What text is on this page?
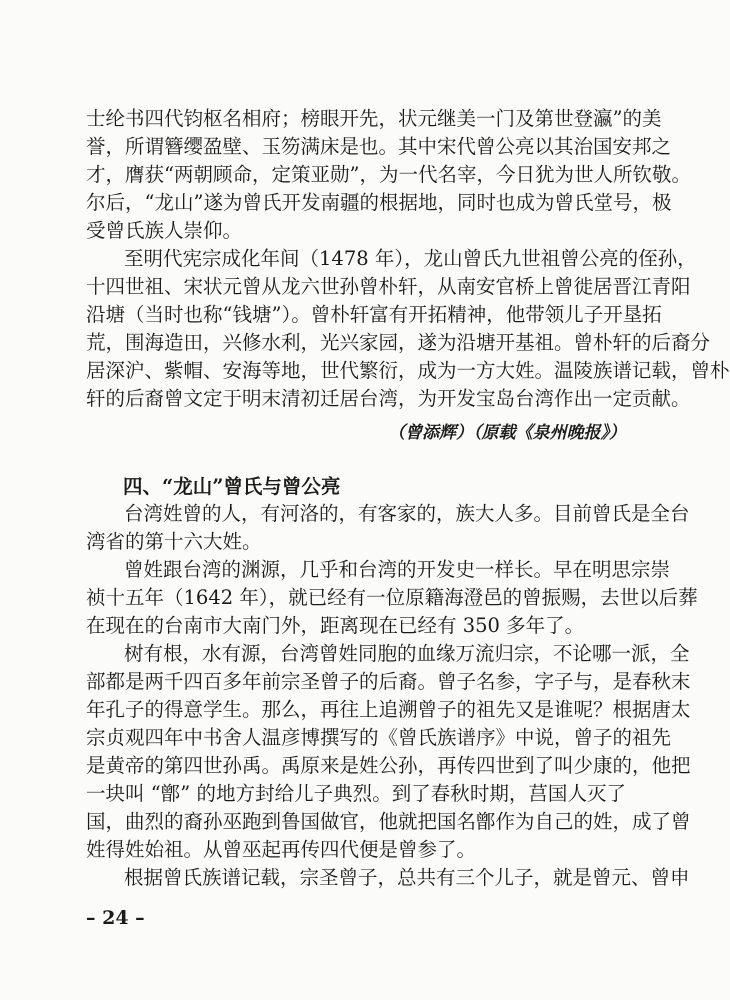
士纶书四代钧枢名相府；榜眼开先，状元继美一门及第世登瀛”的美
誉，所谓簪缨盈壁、玉笏满床是也。其中宋代曾公亮以其治国安邦之
才，膺获“两朝顾命，定策亚勋”，为一代名宰，今日犹为世人所钦敬。
尔后，“龙山”遂为曾氏开发南疆的根据地，同时也成为曾氏堂号，极
受曾氏族人崇仰。
至明代宪宗成化年间（1478 年），龙山曾氏九世祖曾公亮的侄孙，
十四世祖、宋状元曾从龙六世孙曾朴轩，从南安官桥上曾徙居晋江青阳
沿塘（当时也称“钱塘”）。曾朴轩富有开拓精神，他带领儿子开垦拓
荒，围海造田，兴修水利，光兴家园，遂为沿塘开基祖。曾朴轩的后裔分
居深沪、紫帽、安海等地，世代繁衍，成为一方大姓。温陵族谱记载，曾朴
轩的后裔曾文定于明末清初迁居台湾，为开发宝岛台湾作出一定贡献。
（曾添辉）（原载《泉州晚报》）
四、“龙山”曾氏与曾公亮
台湾姓曾的人，有河洛的，有客家的，族大人多。目前曾氏是全台
湾省的第十六大姓。
曾姓跟台湾的渊源，几乎和台湾的开发史一样长。早在明思宗崇
祯十五年（1642 年），就已经有一位原籍海澄邑的曾振赐，去世以后葬
在现在的台南市大南门外，距离现在已经有 350 多年了。
树有根，水有源，台湾曾姓同胞的血缘万流归宗，不论哪一派，全
部都是两千四百多年前宗圣曾子的后裔。曾子名参，字子与，是春秋末
年孔子的得意学生。那么，再往上追溯曾子的祖先又是谁呢？根据唐太
宗贞观四年中书舍人温彦博撰写的《曾氏族谱序》中说，曾子的祖先
是黄帝的第四世孙禹。禹原来是姓公孙，再传四世到了叫少康的，他把
一块叫 “鄫” 的地方封给儿子典烈。到了春秋时期，莒国人灭了
国，曲烈的裔孙巫跑到鲁国做官，他就把国名鄫作为自己的姓，成了曾
姓得姓始祖。从曾巫起再传四代便是曾参了。
根据曾氏族谱记载，宗圣曾子，总共有三个儿子，就是曾元、曾申
– 24 –
